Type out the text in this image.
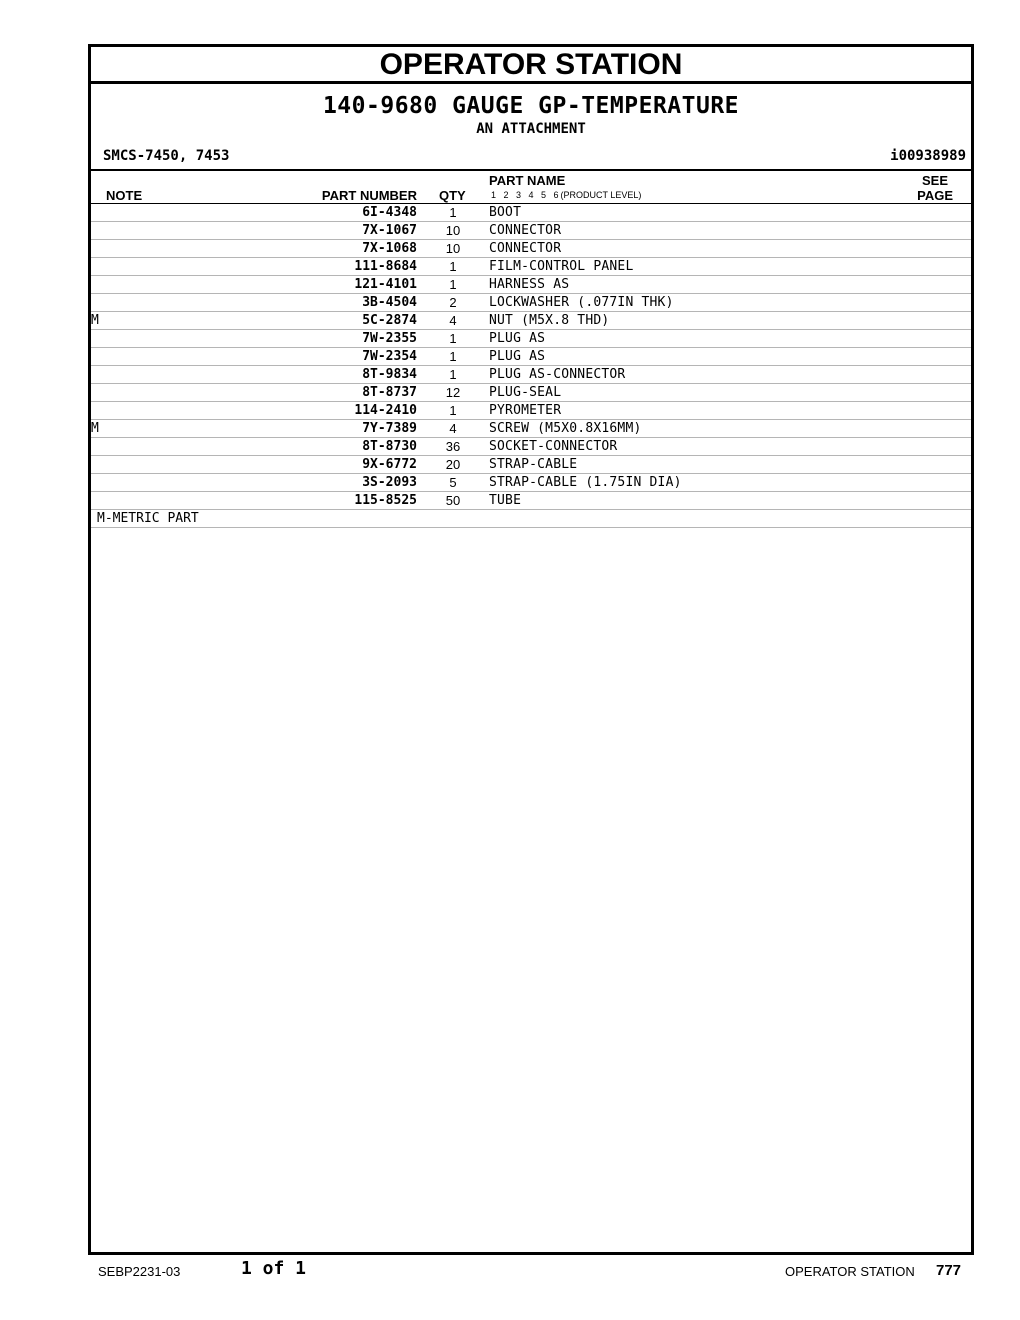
OPERATOR STATION
140-9680 GAUGE GP-TEMPERATURE
AN ATTACHMENT
SMCS-7450, 7453	i00938989
NOTE	PART NUMBER QTY
PART NAME
1 2 3 4 5 6 (PRODUCT LEVEL)
SEE
PAGE
	6I-4348	1	BOOT	
	7X-1067	10	CONNECTOR	
	7X-1068	10	CONNECTOR	
	111-8684	1	FILM-CONTROL PANEL	
	121-4101	1	HARNESS AS	
	3B-4504	2	LOCKWASHER (.077IN THK)	
M	5C-2874	4	NUT (M5X.8 THD)	
	7W-2355	1	PLUG AS	
	7W-2354	1	PLUG AS	
	8T-9834	1	PLUG AS-CONNECTOR	
	8T-8737	12	PLUG-SEAL	
	114-2410	1	PYROMETER	
M	7Y-7389	4	SCREW (M5X0.8X16MM)	
	8T-8730	36	SOCKET-CONNECTOR	
	9X-6772	20	STRAP-CABLE	
	3S-2093	5	STRAP-CABLE (1.75IN DIA)	
	115-8525	50	TUBE	
M-METRIC PART
SEBP2231-03	1 of 1	OPERATOR STATION 777
